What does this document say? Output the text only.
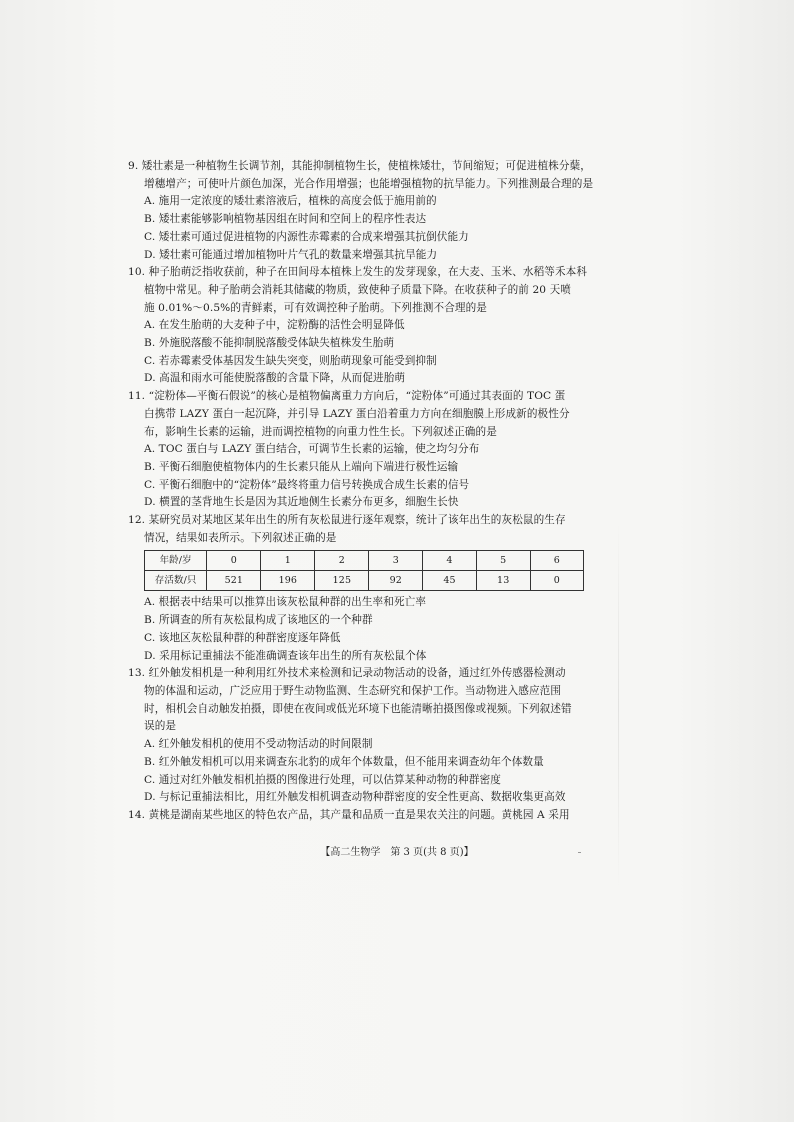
9. 矮壮素是一种植物生长调节剂，其能抑制植物生长，使植株矮壮，节间缩短；可促进植株分蘖，
增穗增产；可使叶片颜色加深，光合作用增强；也能增强植物的抗旱能力。下列推测最合理的是
A. 施用一定浓度的矮壮素溶液后，植株的高度会低于施用前的
B. 矮壮素能够影响植物基因组在时间和空间上的程序性表达
C. 矮壮素可通过促进植物的内源性赤霉素的合成来增强其抗倒伏能力
D. 矮壮素可能通过增加植物叶片气孔的数量来增强其抗旱能力
10. 种子胎萌泛指收获前，种子在田间母本植株上发生的发芽现象，在大麦、玉米、水稻等禾本科
植物中常见。种子胎萌会消耗其储藏的物质，致使种子质量下降。在收获种子的前 20 天喷
施 0.01%～0.5%的青鲜素，可有效调控种子胎萌。下列推测不合理的是
A. 在发生胎萌的大麦种子中，淀粉酶的活性会明显降低
B. 外施脱落酸不能抑制脱落酸受体缺失植株发生胎萌
C. 若赤霉素受体基因发生缺失突变，则胎萌现象可能受到抑制
D. 高温和雨水可能使脱落酸的含量下降，从而促进胎萌
11. “淀粉体—平衡石假说”的核心是植物偏离重力方向后，“淀粉体”可通过其表面的 TOC 蛋
白携带 LAZY 蛋白一起沉降，并引导 LAZY 蛋白沿着重力方向在细胞膜上形成新的极性分
布，影响生长素的运输，进而调控植物的向重力性生长。下列叙述正确的是
A. TOC 蛋白与 LAZY 蛋白结合，可调节生长素的运输，使之均匀分布
B. 平衡石细胞使植物体内的生长素只能从上端向下端进行极性运输
C. 平衡石细胞中的“淀粉体”最终将重力信号转换成合成生长素的信号
D. 横置的茎背地生长是因为其近地侧生长素分布更多，细胞生长快
12. 某研究员对某地区某年出生的所有灰松鼠进行逐年观察，统计了该年出生的灰松鼠的生存
情况，结果如表所示。下列叙述正确的是
年龄/岁	0	1	2	3	4	5	6
存活数/只	521	196	125	92	45	13	0
A. 根据表中结果可以推算出该灰松鼠种群的出生率和死亡率
B. 所调查的所有灰松鼠构成了该地区的一个种群
C. 该地区灰松鼠种群的种群密度逐年降低
D. 采用标记重捕法不能准确调查该年出生的所有灰松鼠个体
13. 红外触发相机是一种利用红外技术来检测和记录动物活动的设备，通过红外传感器检测动
物的体温和运动，广泛应用于野生动物监测、生态研究和保护工作。当动物进入感应范围
时，相机会自动触发拍摄，即使在夜间或低光环境下也能清晰拍摄图像或视频。下列叙述错
误的是
A. 红外触发相机的使用不受动物活动的时间限制
B. 红外触发相机可以用来调查东北豹的成年个体数量，但不能用来调查幼年个体数量
C. 通过对红外触发相机拍摄的图像进行处理，可以估算某种动物的种群密度
D. 与标记重捕法相比，用红外触发相机调查动物种群密度的安全性更高、数据收集更高效
14. 黄桃是湖南某些地区的特色农产品，其产量和品质一直是果农关注的问题。黄桃园 A 采用
【高二生物学　第 3 页(共 8 页)】
